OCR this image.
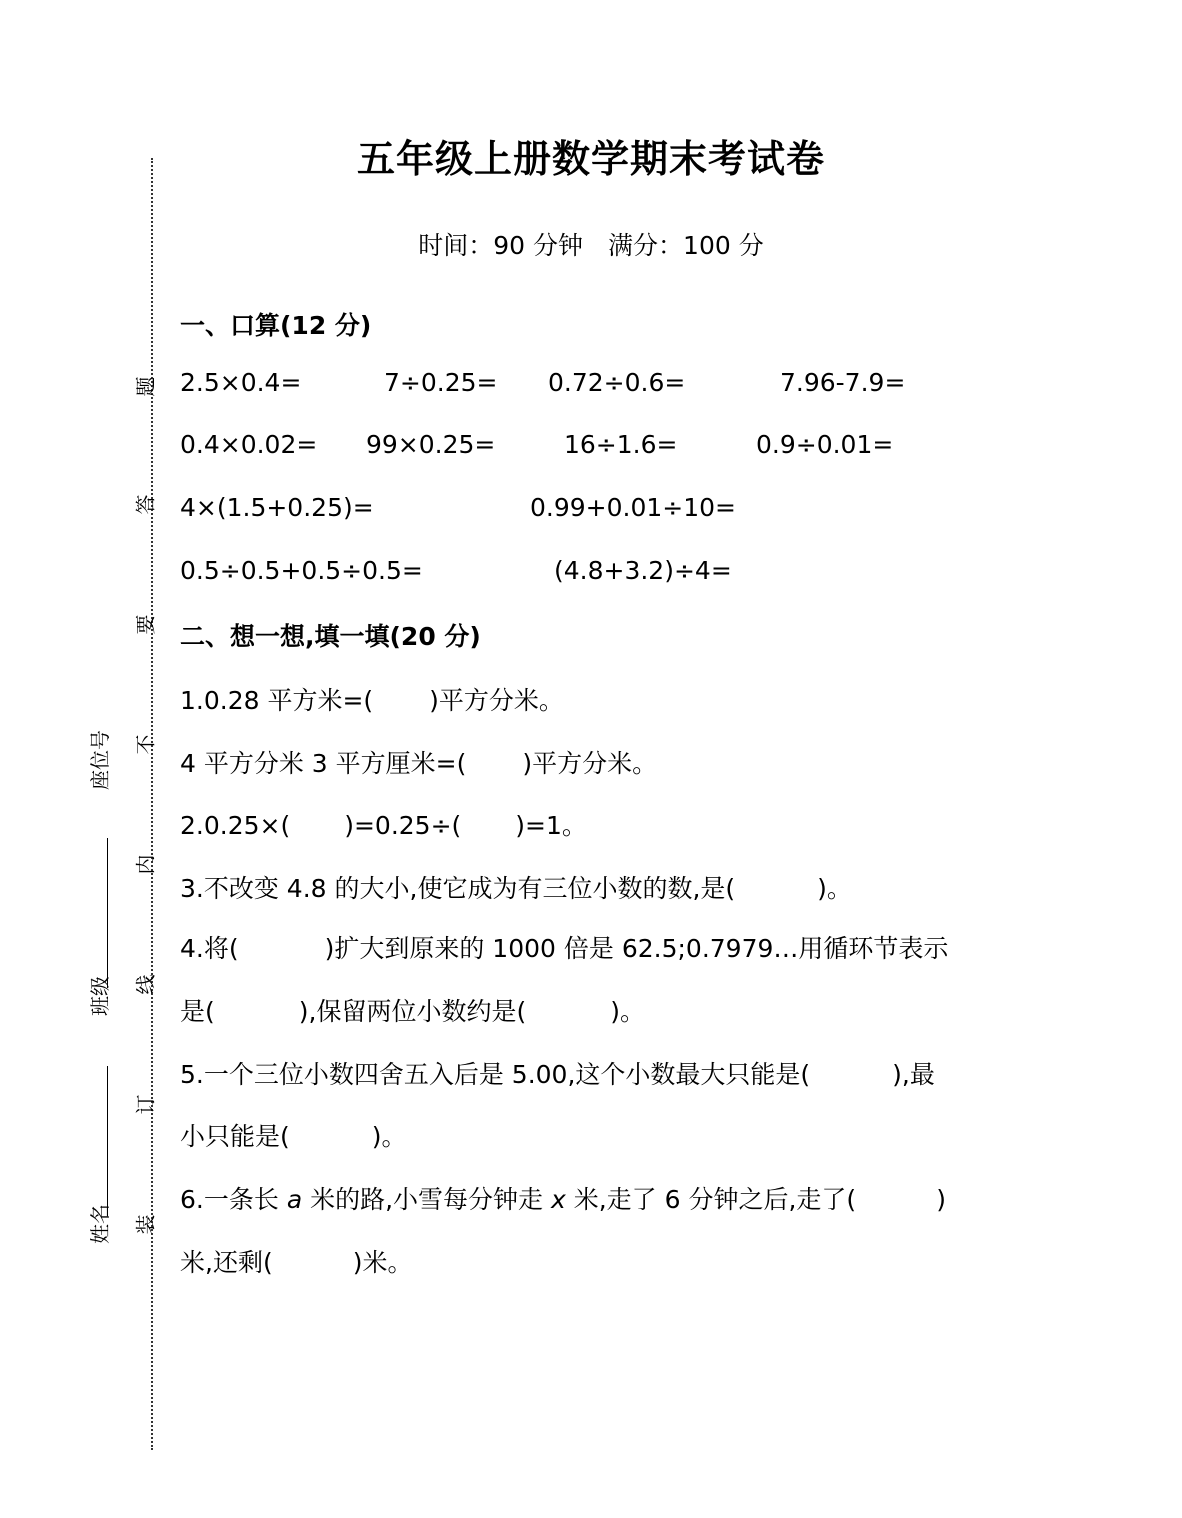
五年级上册数学期末考试卷
时间：90 分钟　满分：100 分
题
答
要
不
内
线
订
装
座位号
班级
姓名
一、口算(12 分)
2.5×0.4=	7÷0.25= 0.72÷0.6=	7.96-7.9=
0.4×0.02= 99×0.25=	16÷1.6=	0.9÷0.01=
4×(1.5+0.25)=	0.99+0.01÷10=
0.5÷0.5+0.5÷0.5=	(4.8+3.2)÷4=
二、想一想,填一填(20 分)
1.0.28 平方米=( )平方分米。
4 平方分米 3 平方厘米=( )平方分米。
2.0.25×( )=0.25÷( )=1。
3.不改变 4.8 的大小,使它成为有三位小数的数,是(	)。
4.将(	)扩大到原来的 1000 倍是 62.5;0.7979…用循环节表示
是(	),保留两位小数约是(	)。
5.一个三位小数四舍五入后是 5.00,这个小数最大只能是(	),最
小只能是(	)。
6.一条长 a 米的路,小雪每分钟走 x 米,走了 6 分钟之后,走了(	)
米,还剩(	)米。
